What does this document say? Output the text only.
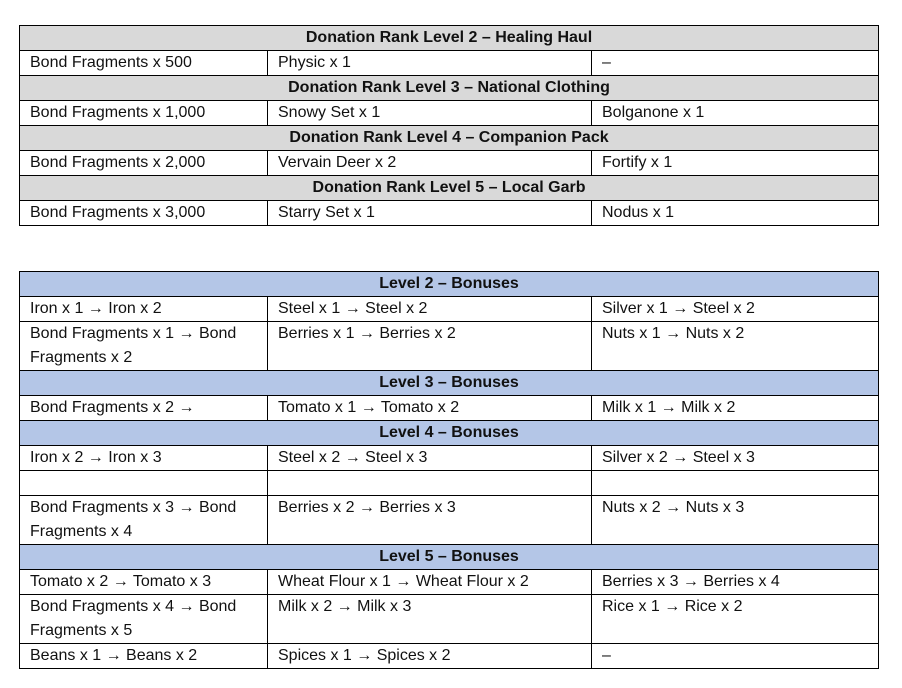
Donation Rank Level 2 – Healing Haul		
Bond Fragments x 500	Physic x 1	–
Donation Rank Level 3 – National Clothing		
Bond Fragments x 1,000	Snowy Set x 1	Bolganone x 1
Donation Rank Level 4 – Companion Pack		
Bond Fragments x 2,000	Vervain Deer x 2	Fortify x 1
Donation Rank Level 5 – Local Garb		
Bond Fragments x 3,000	Starry Set x 1	Nodus x 1
Level 2 – Bonuses		
Iron x 1 → Iron x 2	Steel x 1 → Steel x 2	Silver x 1 → Steel x 2
Bond Fragments x 1 → Bond Fragments x 2	Berries x 1 → Berries x 2	Nuts x 1 → Nuts x 2
Level 3 – Bonuses		
Bond Fragments x 2 →	Tomato x 1 → Tomato x 2	Milk x 1 → Milk x 2
Level 4 – Bonuses		
Iron x 2 → Iron x 3	Steel x 2 → Steel x 3	Silver x 2 → Steel x 3

Bond Fragments x 3 → Bond Fragments x 4	Berries x 2 → Berries x 3	Nuts x 2 → Nuts x 3
Level 5 – Bonuses		
Tomato x 2 → Tomato x 3	Wheat Flour x 1 → Wheat Flour x 2	Berries x 3 → Berries x 4
Bond Fragments x 4 → Bond Fragments x 5	Milk x 2 → Milk x 3	Rice x 1 → Rice x 2
Beans x 1 → Beans x 2	Spices x 1 → Spices x 2	–
